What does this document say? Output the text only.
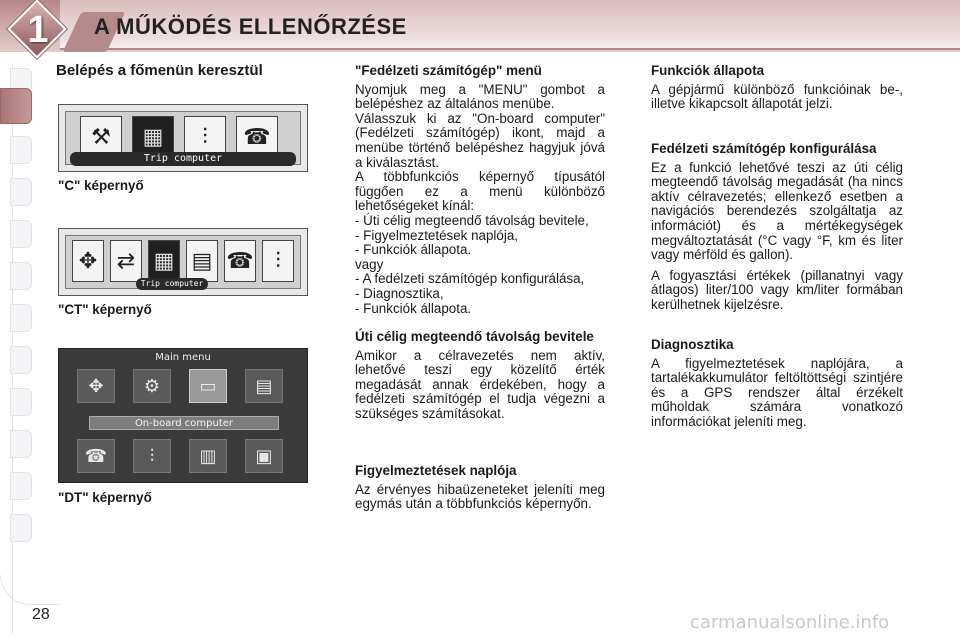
1	A MŰKÖDÉS ELLENŐRZÉSE
Belépés a főmenün keresztül
⚒	▦	⫶	☎
Trip computer
"C" képernyő
✥ ⇄ ▦ ▤ ☎ ⫶
Trip computer
"CT" képernyő
Main menu
✥	⚙	▭	▤
On-board computer
☎	⫶	▥	▣
"DT" képernyő

"Fedélzeti számítógép" menü

Nyomjuk meg a "MENU" gombot a belépéshez az általános menübe.

Válasszuk ki az "On-board computer" (Fedélzeti számítógép) ikont, majd a menübe történő belépéshez hagyjuk jóvá a kiválasztást.

A többfunkciós képernyő típusától függően ez a menü különböző lehetőségeket kínál:

- Úti célig megteendő távolság bevitele,

- Figyelmeztetések naplója,

- Funkciók állapota.

vagy

- A fedélzeti számítógép konfigurálása,

- Diagnosztika,

- Funkciók állapota.

Úti célig megteendő távolság bevitele

Amikor a célravezetés nem aktív, lehetővé teszi egy közelítő érték megadását annak érdekében, hogy a fedélzeti számítógép el tudja végezni a szükséges számításokat.

Figyelmeztetések naplója

Az érvényes hibaüzeneteket jeleníti meg egymás után a többfunkciós képernyőn.

Funkciók állapota

A gépjármű különböző funkcióinak be-, illetve kikapcsolt állapotát jelzi.

Fedélzeti számítógép konfigurálása

Ez a funkció lehetővé teszi az úti célig megteendő távolság megadását (ha nincs aktív célravezetés; ellenkező esetben a navigációs berendezés szolgáltatja az információt) és a mértékegységek megváltoztatását (°C vagy °F, km és liter vagy mérföld és gallon).

A fogyasztási értékek (pillanatnyi vagy átlagos) liter/100 vagy km/liter formában kerülhetnek kijelzésre.

Diagnosztika

A figyelmeztetések naplójára, a tartalékakkumulátor feltöltöttségi szintjére és a GPS rendszer által érzékelt műholdak számára vonatkozó információkat jeleníti meg.

28	carmanualsonline.info
